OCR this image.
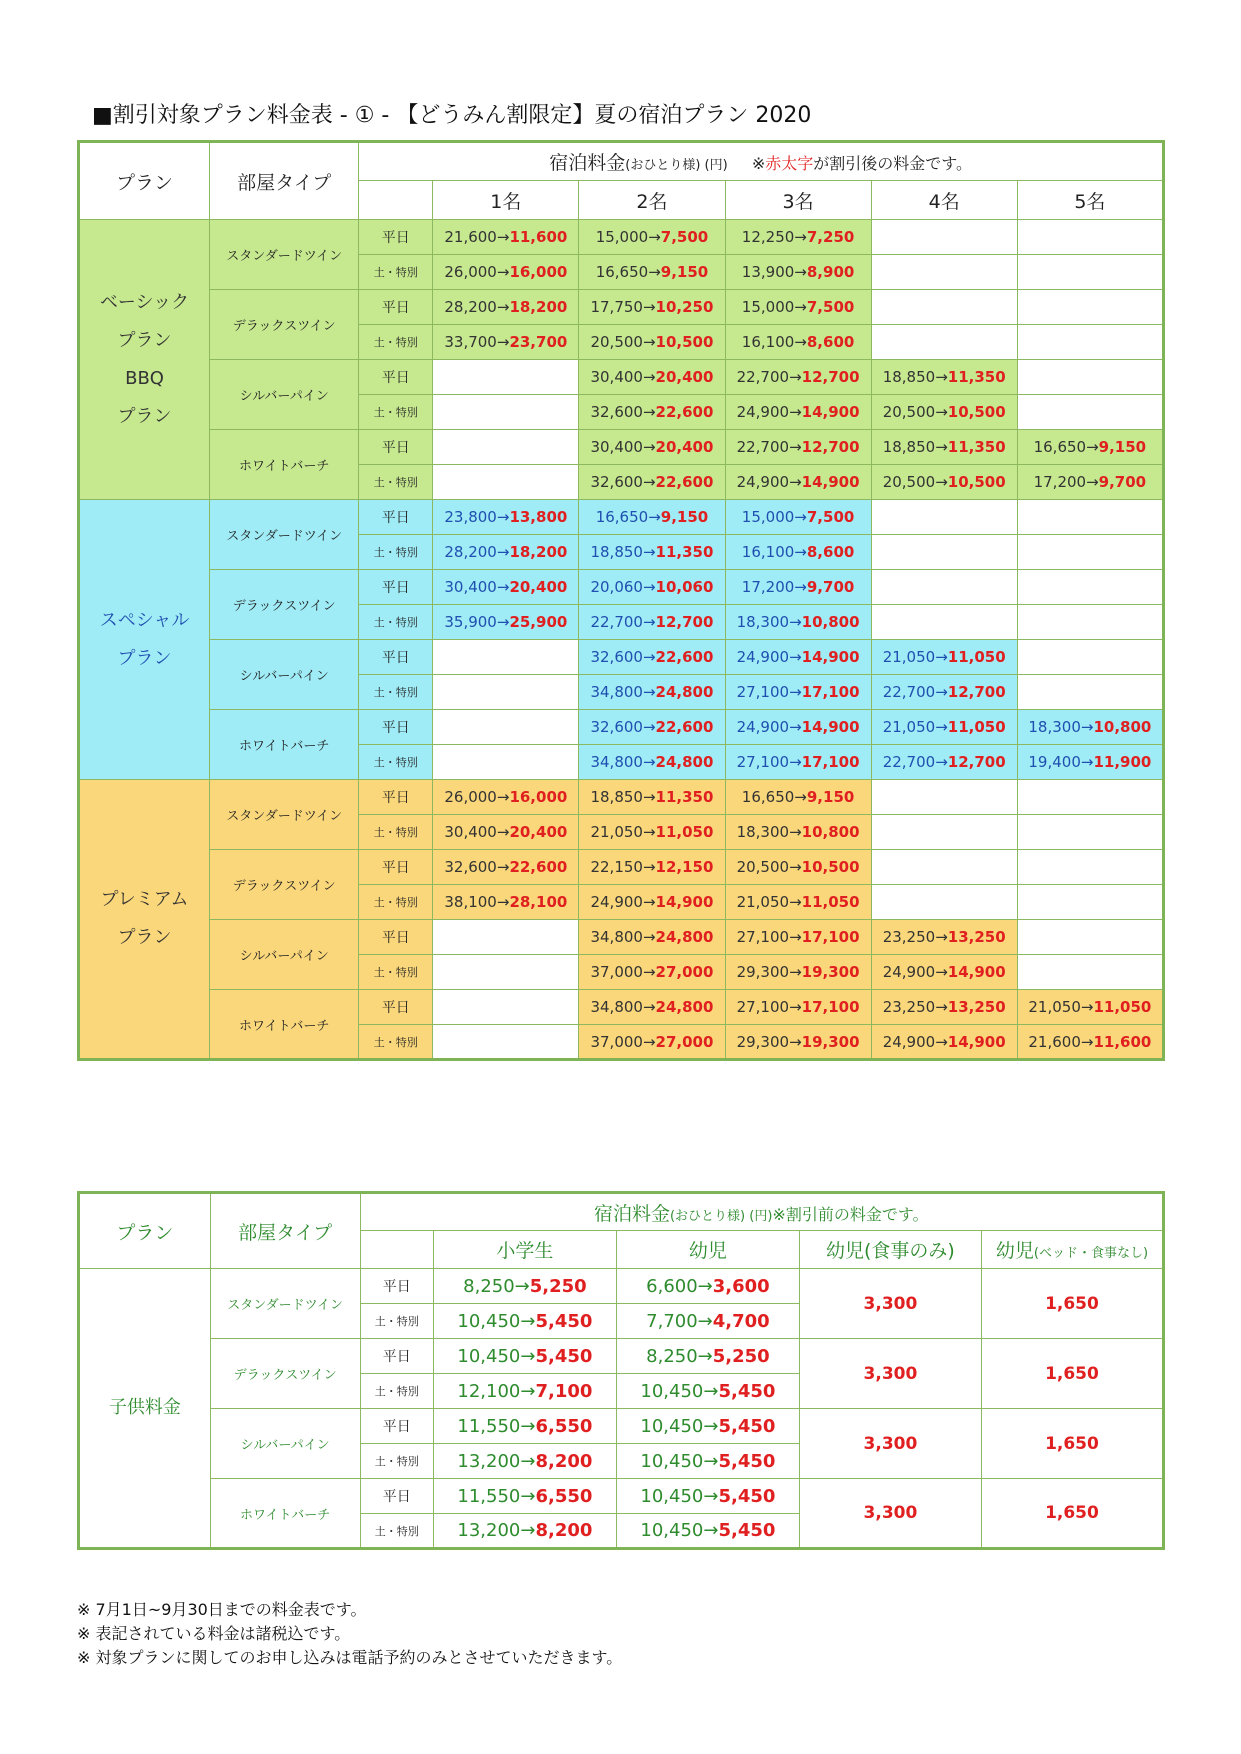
■割引対象プラン料金表 - ① - 【どうみん割限定】夏の宿泊プラン 2020
プラン	部屋タイプ	宿泊料金(おひとり様) (円) ※赤太字が割引後の料金です。					
			1名	2名	3名	4名	5名

ベーシック
プラン
BBQ
プラン	スタンダードツイン	平日	21,600→11,600	15,000→7,500	12,250→7,250		
		土・特別	26,000→16,000	16,650→9,150	13,900→8,900		
	デラックスツイン	平日	28,200→18,200	17,750→10,250	15,000→7,500		
		土・特別	33,700→23,700	20,500→10,500	16,100→8,600		
	シルバーパイン	平日		30,400→20,400	22,700→12,700	18,850→11,350	
		土・特別		32,600→22,600	24,900→14,900	20,500→10,500	
	ホワイトバーチ	平日		30,400→20,400	22,700→12,700	18,850→11,350	16,650→9,150
		土・特別		32,600→22,600	24,900→14,900	20,500→10,500	17,200→9,700

スペシャル
プラン	スタンダードツイン	平日	23,800→13,800	16,650→9,150	15,000→7,500		
		土・特別	28,200→18,200	18,850→11,350	16,100→8,600		
	デラックスツイン	平日	30,400→20,400	20,060→10,060	17,200→9,700		
		土・特別	35,900→25,900	22,700→12,700	18,300→10,800		
	シルバーパイン	平日		32,600→22,600	24,900→14,900	21,050→11,050	
		土・特別		34,800→24,800	27,100→17,100	22,700→12,700	
	ホワイトバーチ	平日		32,600→22,600	24,900→14,900	21,050→11,050	18,300→10,800
		土・特別		34,800→24,800	27,100→17,100	22,700→12,700	19,400→11,900

プレミアム
プラン	スタンダードツイン	平日	26,000→16,000	18,850→11,350	16,650→9,150		
		土・特別	30,400→20,400	21,050→11,050	18,300→10,800		
	デラックスツイン	平日	32,600→22,600	22,150→12,150	20,500→10,500		
		土・特別	38,100→28,100	24,900→14,900	21,050→11,050		
	シルバーパイン	平日		34,800→24,800	27,100→17,100	23,250→13,250	
		土・特別		37,000→27,000	29,300→19,300	24,900→14,900	
	ホワイトバーチ	平日		34,800→24,800	27,100→17,100	23,250→13,250	21,050→11,050
		土・特別		37,000→27,000	29,300→19,300	24,900→14,900	21,600→11,600
プラン	部屋タイプ	宿泊料金(おひとり様) (円)※割引前の料金です。				
			小学生	幼児	幼児(食事のみ)	幼児(ベッド・食事なし)
子供料金	スタンダードツイン	平日	8,250→5,250	6,600→3,600	3,300	1,650
		土・特別	10,450→5,450	7,700→4,700		
	デラックスツイン	平日	10,450→5,450	8,250→5,250	3,300	1,650
		土・特別	12,100→7,100	10,450→5,450		
	シルバーパイン	平日	11,550→6,550	10,450→5,450	3,300	1,650
		土・特別	13,200→8,200	10,450→5,450		
	ホワイトバーチ	平日	11,550→6,550	10,450→5,450	3,300	1,650
		土・特別	13,200→8,200	10,450→5,450		
※ 7月1日~9月30日までの料金表です。
※ 表記されている料金は諸税込です。
※ 対象プランに関してのお申し込みは電話予約のみとさせていただきます。
